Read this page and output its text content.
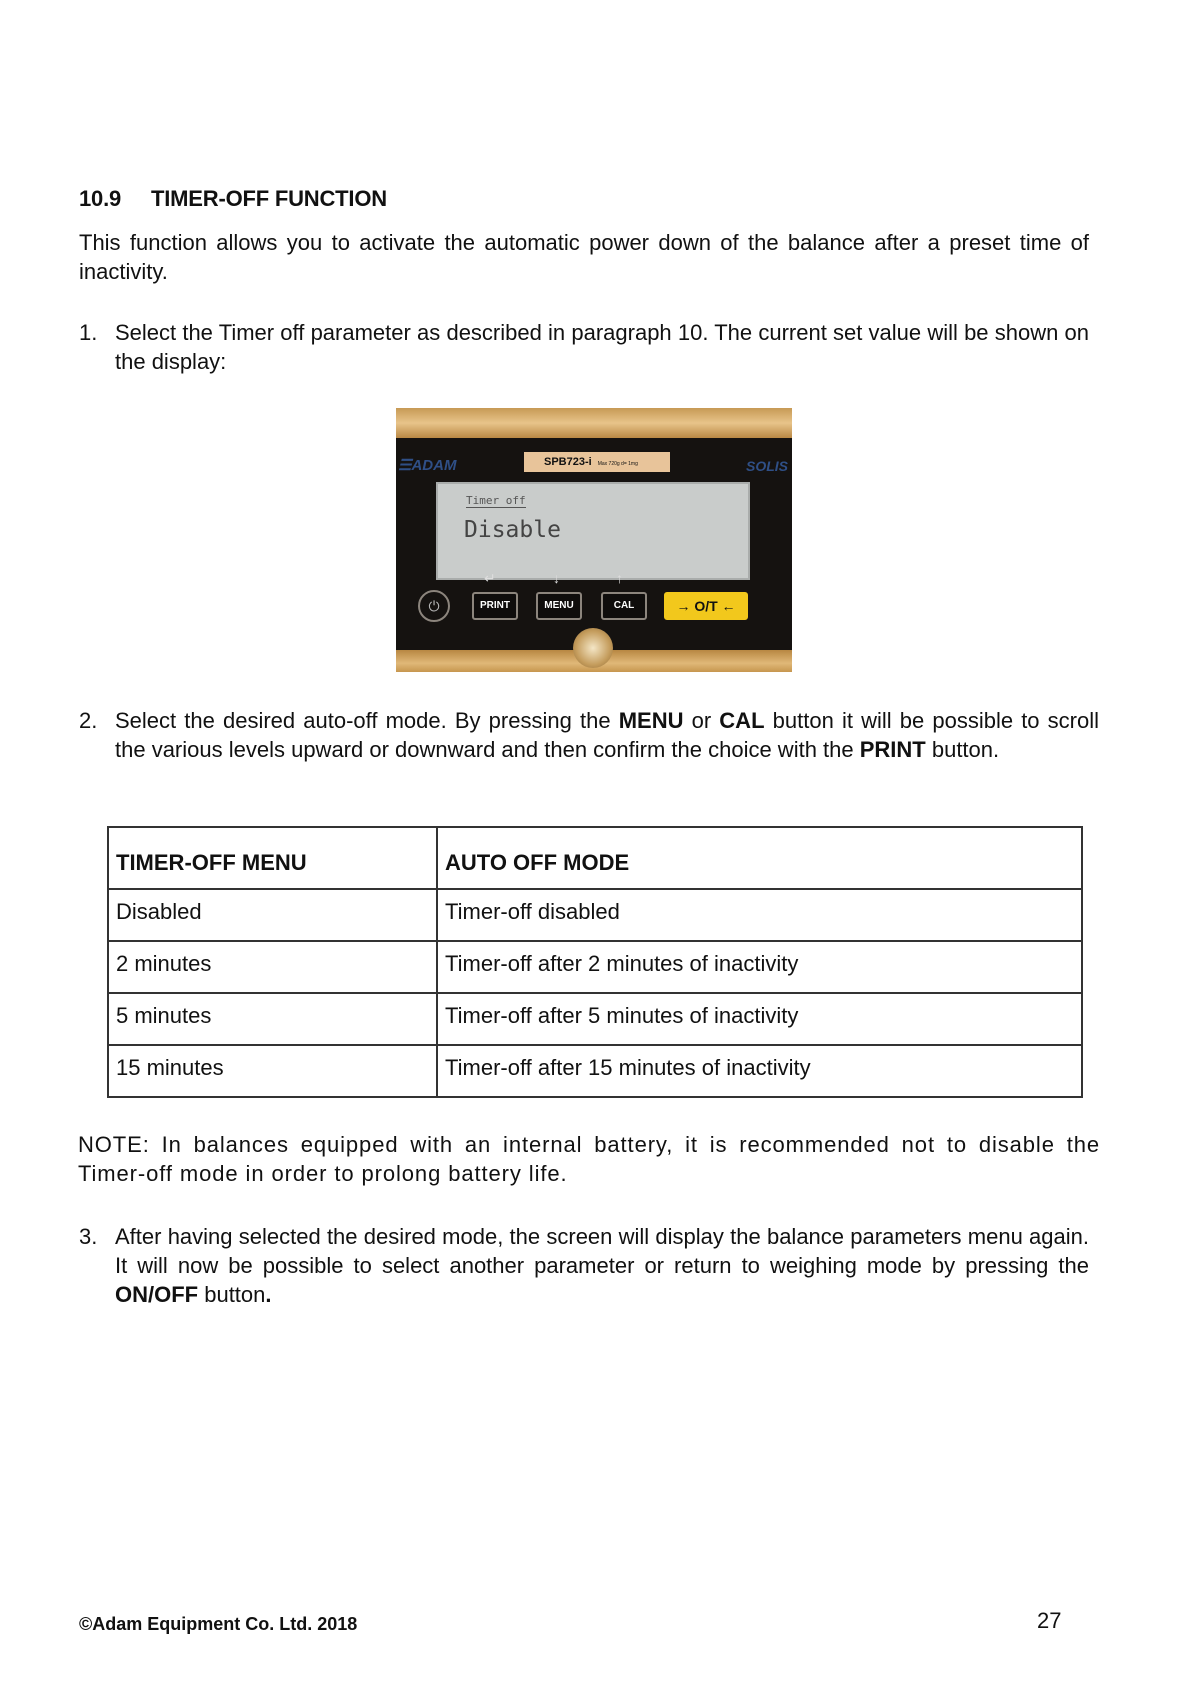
10.9 TIMER-OFF FUNCTION
This function allows you to activate the automatic power down of the balance after a preset time of inactivity.
1. Select the Timer off parameter as described in paragraph 10. The current set value will be shown on the display:
☰ADAM	SOLIS
SPB723-i Max 720g d= 1mg
Timer off
Disable
↵	↓	↑
⏻	PRINT	MENU	CAL	→ O/T ←
2. Select the desired auto-off mode. By pressing the MENU or CAL button it will be possible to scroll the various levels upward or downward and then confirm the choice with the PRINT button.
TIMER-OFF MENU	AUTO OFF MODE
Disabled	Timer-off disabled
2 minutes	Timer-off after 2 minutes of inactivity
5 minutes	Timer-off after 5 minutes of inactivity
15 minutes	Timer-off after 15 minutes of inactivity
NOTE: In balances equipped with an internal battery, it is recommended not to disable the Timer-off mode in order to prolong battery life.
3. After having selected the desired mode, the screen will display the balance parameters menu again. It will now be possible to select another parameter or return to weighing mode by pressing the ON/OFF button.
©Adam Equipment Co. Ltd. 2018	27
